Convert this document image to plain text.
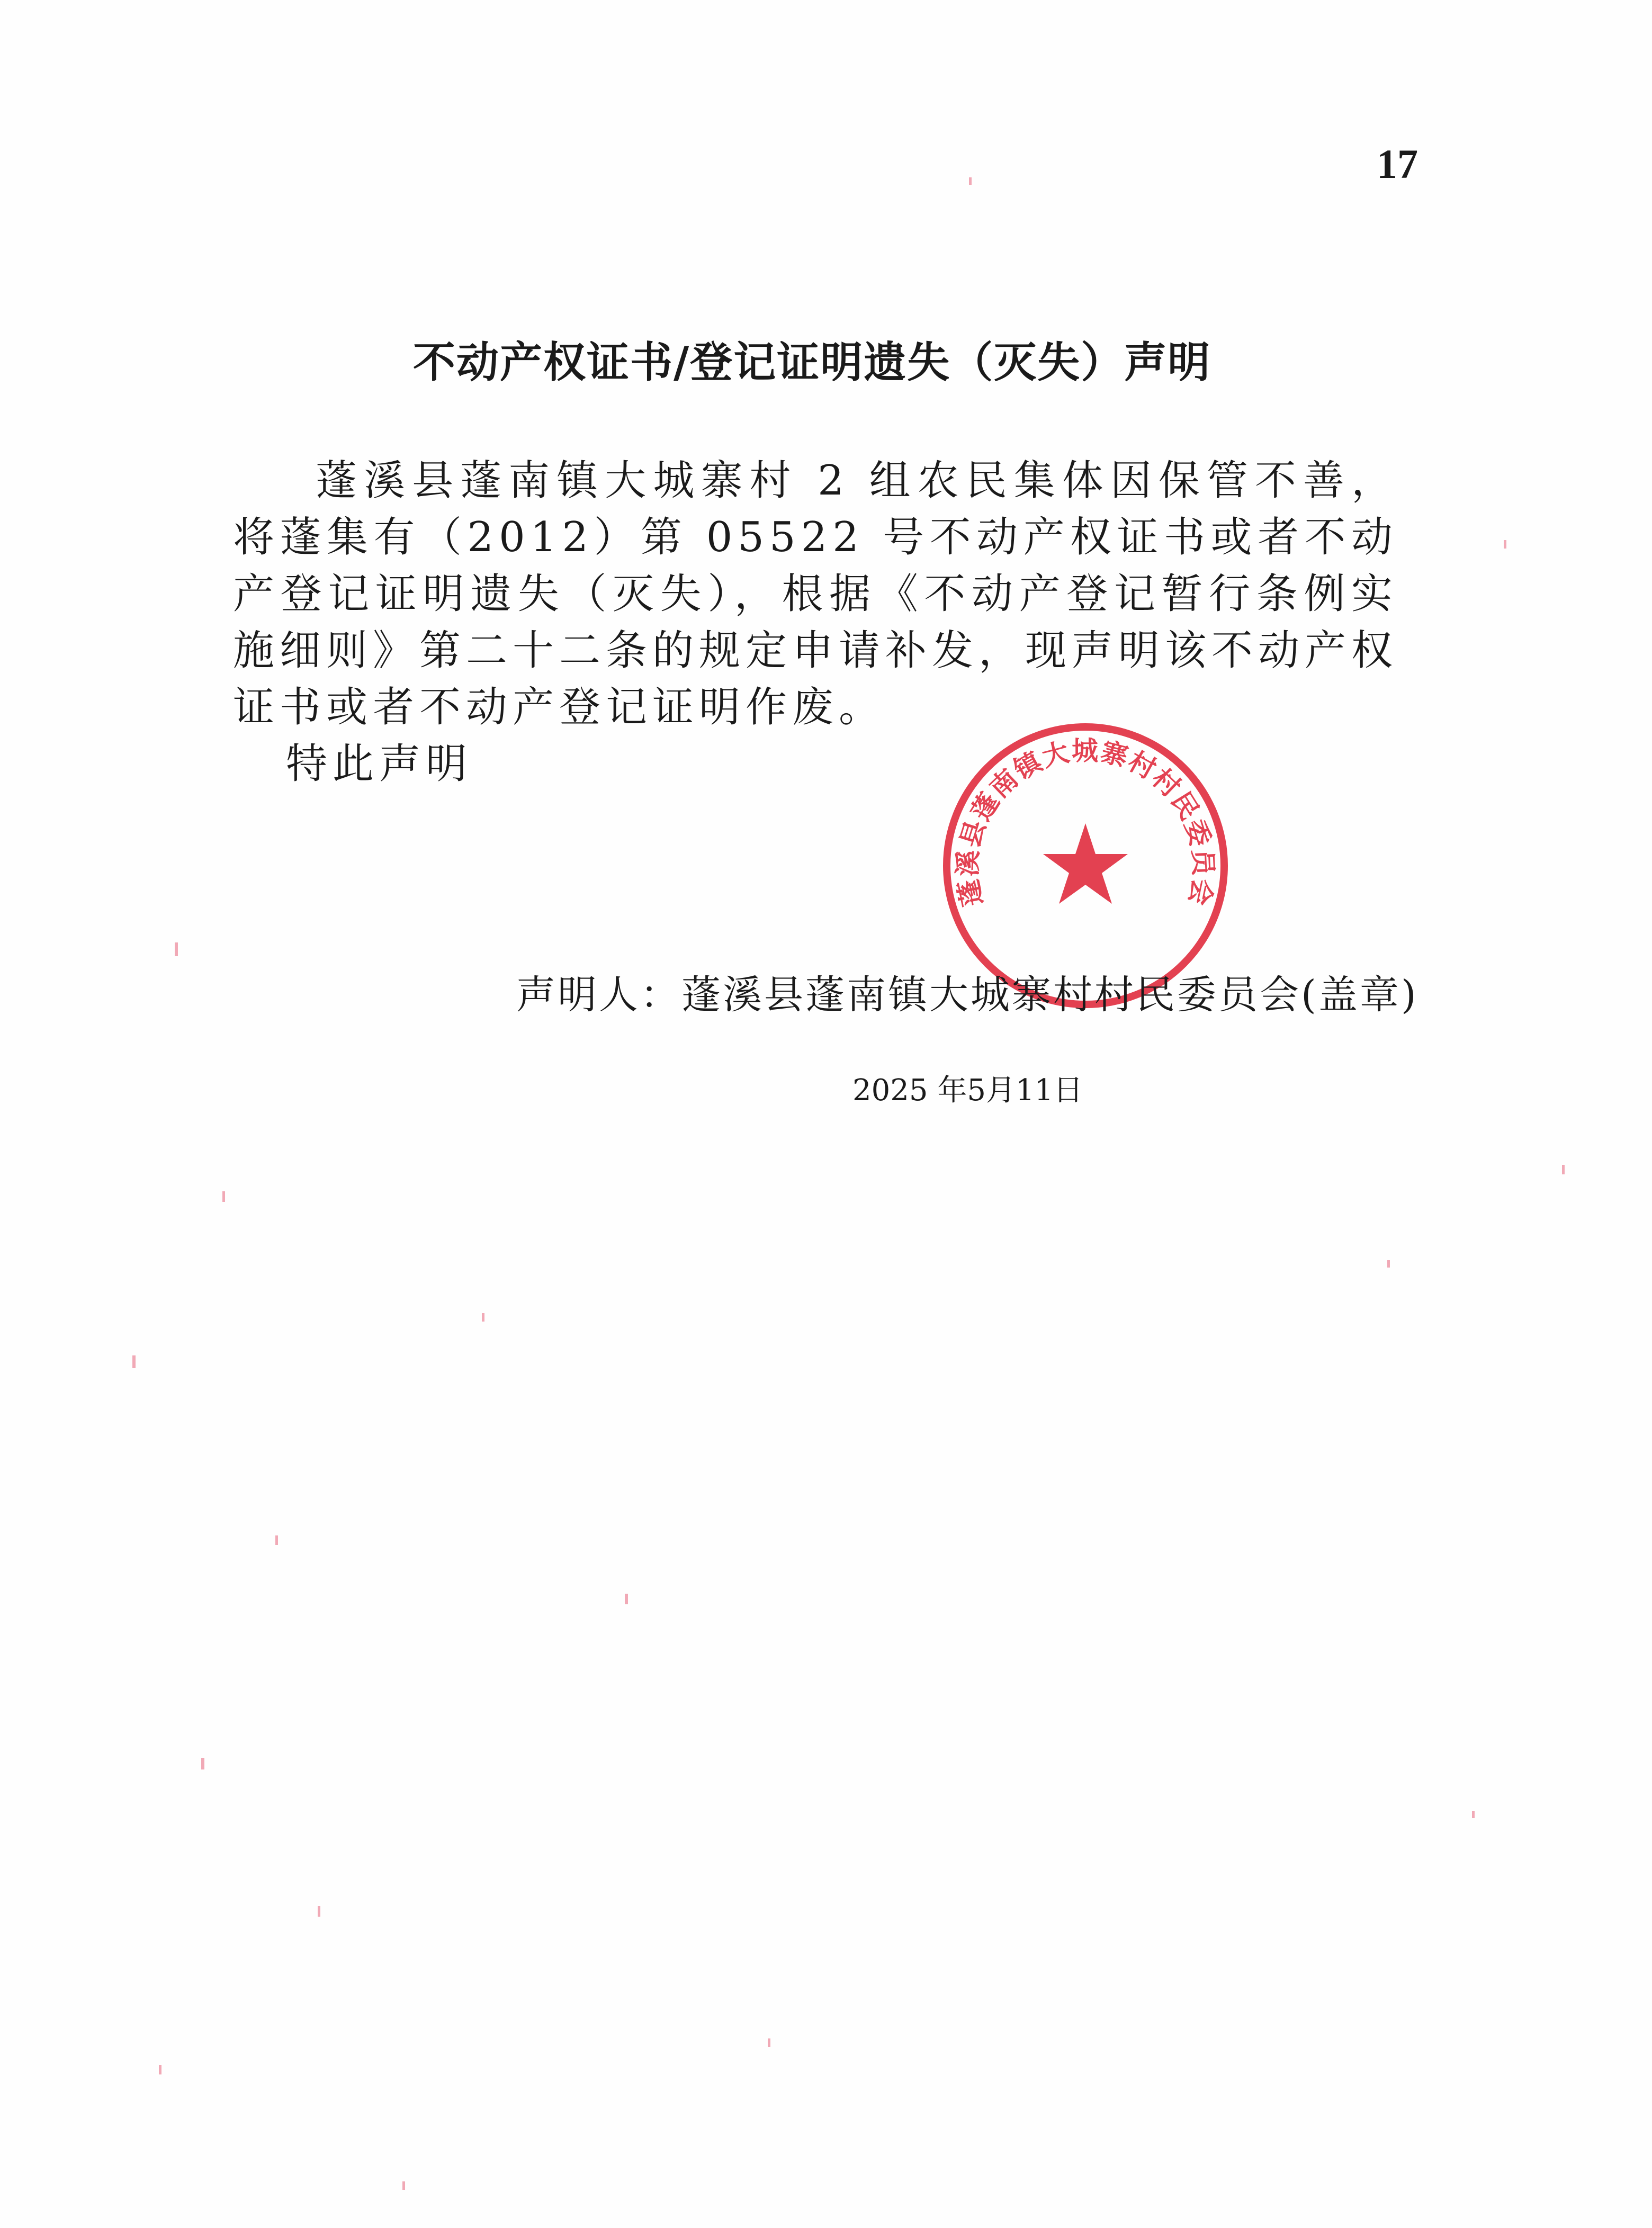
17
不动产权证书/登记证明遗失（灭失）声明

蓬溪县蓬南镇大城寨村 2 组农民集体因保管不善，将蓬集有（2012）第 05522 号不动产权证书或者不动产登记证明遗失（灭失），根据《不动产登记暂行条例实施细则》第二十二条的规定申请补发，现声明该不动产权证书或者不动产登记证明作废。

特此声明

蓬溪县蓬南镇大城寨村村民委员会
声明人：蓬溪县蓬南镇大城寨村村民委员会(盖章)
2025 年5月11日
